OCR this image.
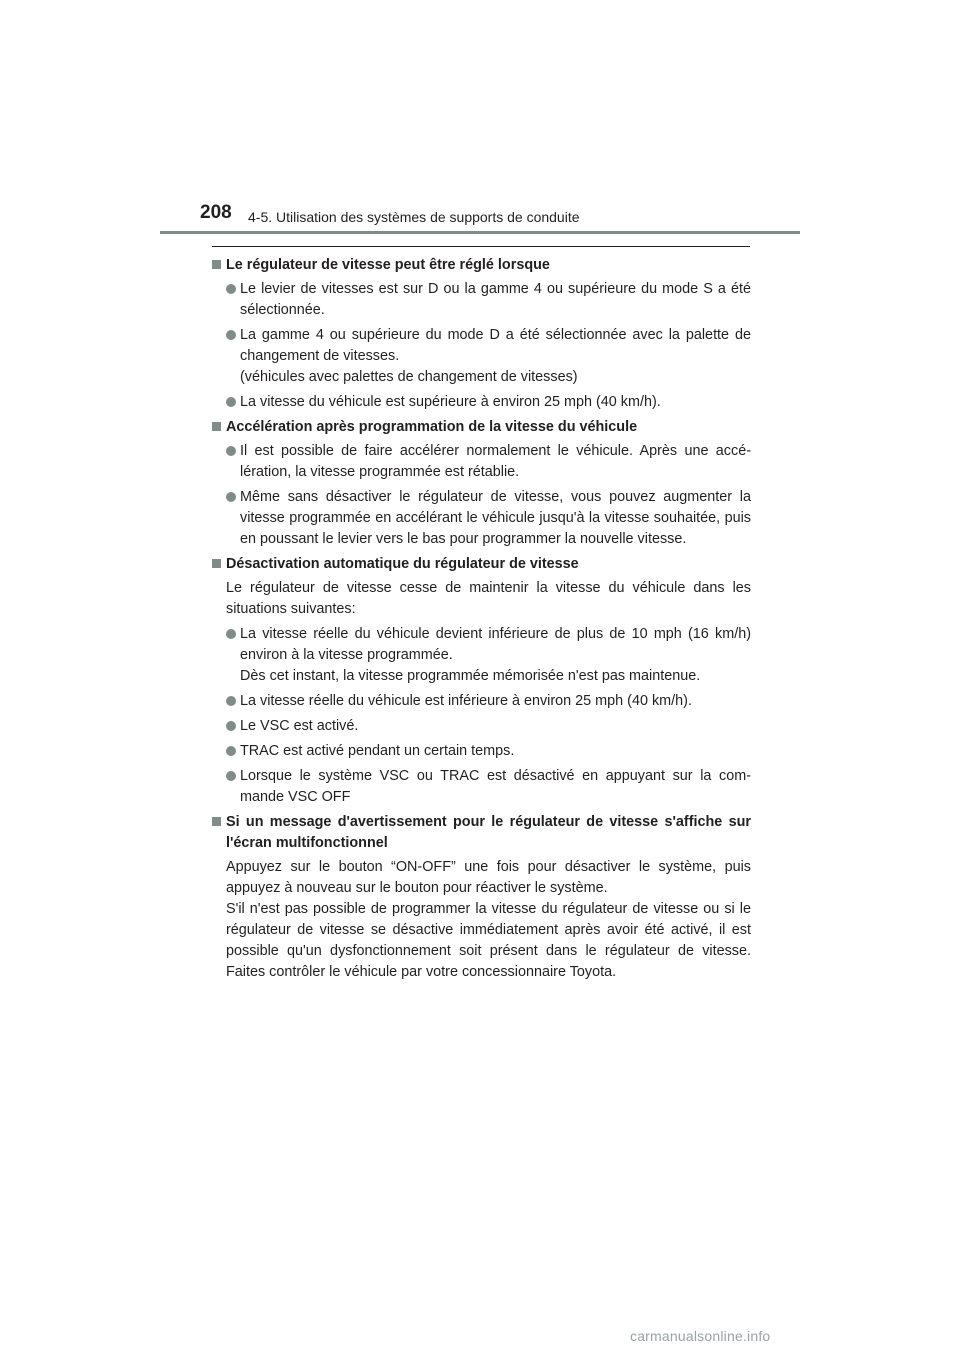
208 4-5. Utilisation des systèmes de supports de conduite
Le régulateur de vitesse peut être réglé lorsque
Le levier de vitesses est sur D ou la gamme 4 ou supérieure du mode S a été sélectionnée.
La gamme 4 ou supérieure du mode D a été sélectionnée avec la palette de changement de vitesses.
(véhicules avec palettes de changement de vitesses)
La vitesse du véhicule est supérieure à environ 25 mph (40 km/h).
Accélération après programmation de la vitesse du véhicule
Il est possible de faire accélérer normalement le véhicule. Après une accé-lération, la vitesse programmée est rétablie.
Même sans désactiver le régulateur de vitesse, vous pouvez augmenter la vitesse programmée en accélérant le véhicule jusqu'à la vitesse souhaitée, puis en poussant le levier vers le bas pour programmer la nouvelle vitesse.
Désactivation automatique du régulateur de vitesse
Le régulateur de vitesse cesse de maintenir la vitesse du véhicule dans les situations suivantes:
La vitesse réelle du véhicule devient inférieure de plus de 10 mph (16 km/h) environ à la vitesse programmée.
Dès cet instant, la vitesse programmée mémorisée n'est pas maintenue.
La vitesse réelle du véhicule est inférieure à environ 25 mph (40 km/h).
Le VSC est activé.
TRAC est activé pendant un certain temps.
Lorsque le système VSC ou TRAC est désactivé en appuyant sur la com-mande VSC OFF
Si un message d'avertissement pour le régulateur de vitesse s'affiche sur l'écran multifonctionnel
Appuyez sur le bouton “ON-OFF” une fois pour désactiver le système, puis appuyez à nouveau sur le bouton pour réactiver le système.
S'il n'est pas possible de programmer la vitesse du régulateur de vitesse ou si le régulateur de vitesse se désactive immédiatement après avoir été activé, il est possible qu'un dysfonctionnement soit présent dans le régulateur de vitesse. Faites contrôler le véhicule par votre concessionnaire Toyota.
carmanualsonline.info
